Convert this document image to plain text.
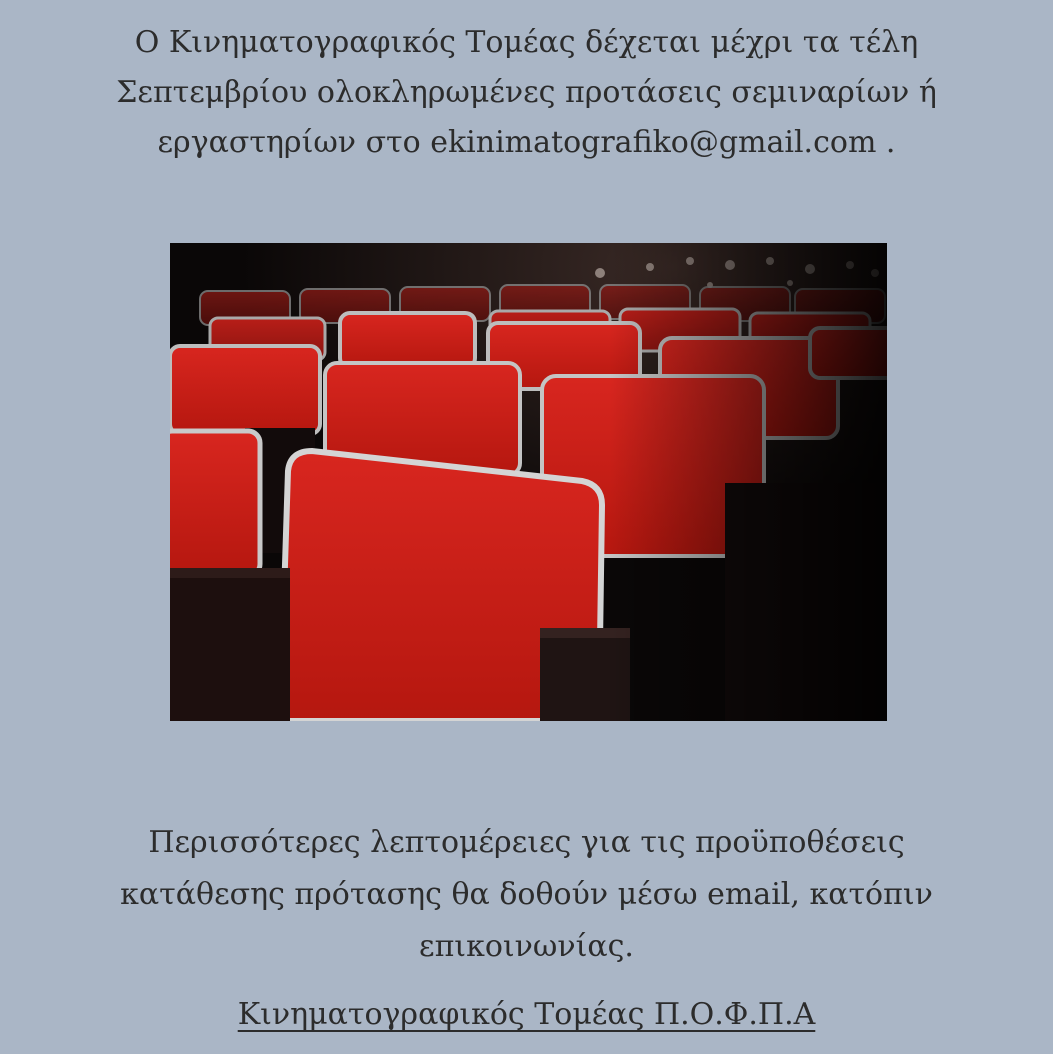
Ο Κινηματογραφικός Τομέας δέχεται μέχρι τα τέλη
Σεπτεμβρίου ολοκληρωμένες προτάσεις σεμιναρίων ή
εργαστηρίων στο ekinimatografiko@gmail.com .

Περισσότερες λεπτομέρειες για τις προϋποθέσεις
κατάθεσης πρότασης θα δοθούν μέσω email, κατόπιν
επικοινωνίας.

Κινηματογραφικός Τομέας Π.Ο.Φ.Π.Α
